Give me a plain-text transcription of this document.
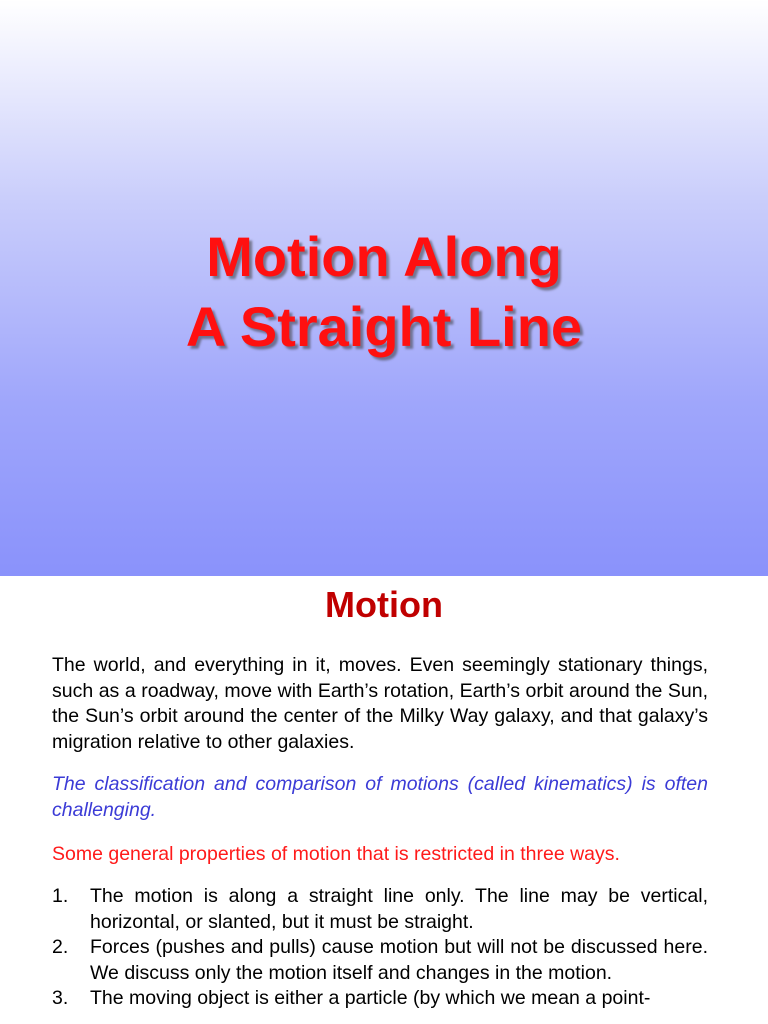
Motion Along
A Straight Line
Motion

The world, and everything in it, moves. Even seemingly stationary things, such as a roadway, move with Earth’s rotation, Earth’s orbit around the Sun, the Sun’s orbit around the center of the Milky Way galaxy, and that galaxy’s migration relative to other galaxies.

The classification and comparison of motions (called kinematics) is often challenging.

Some general properties of motion that is restricted in three ways.

1. The motion is along a straight line only. The line may be vertical, horizontal, or slanted, but it must be straight.
2. Forces (pushes and pulls) cause motion but will not be discussed here. We discuss only the motion itself and changes in the motion.
3. The moving object is either a particle (by which we mean a point-
